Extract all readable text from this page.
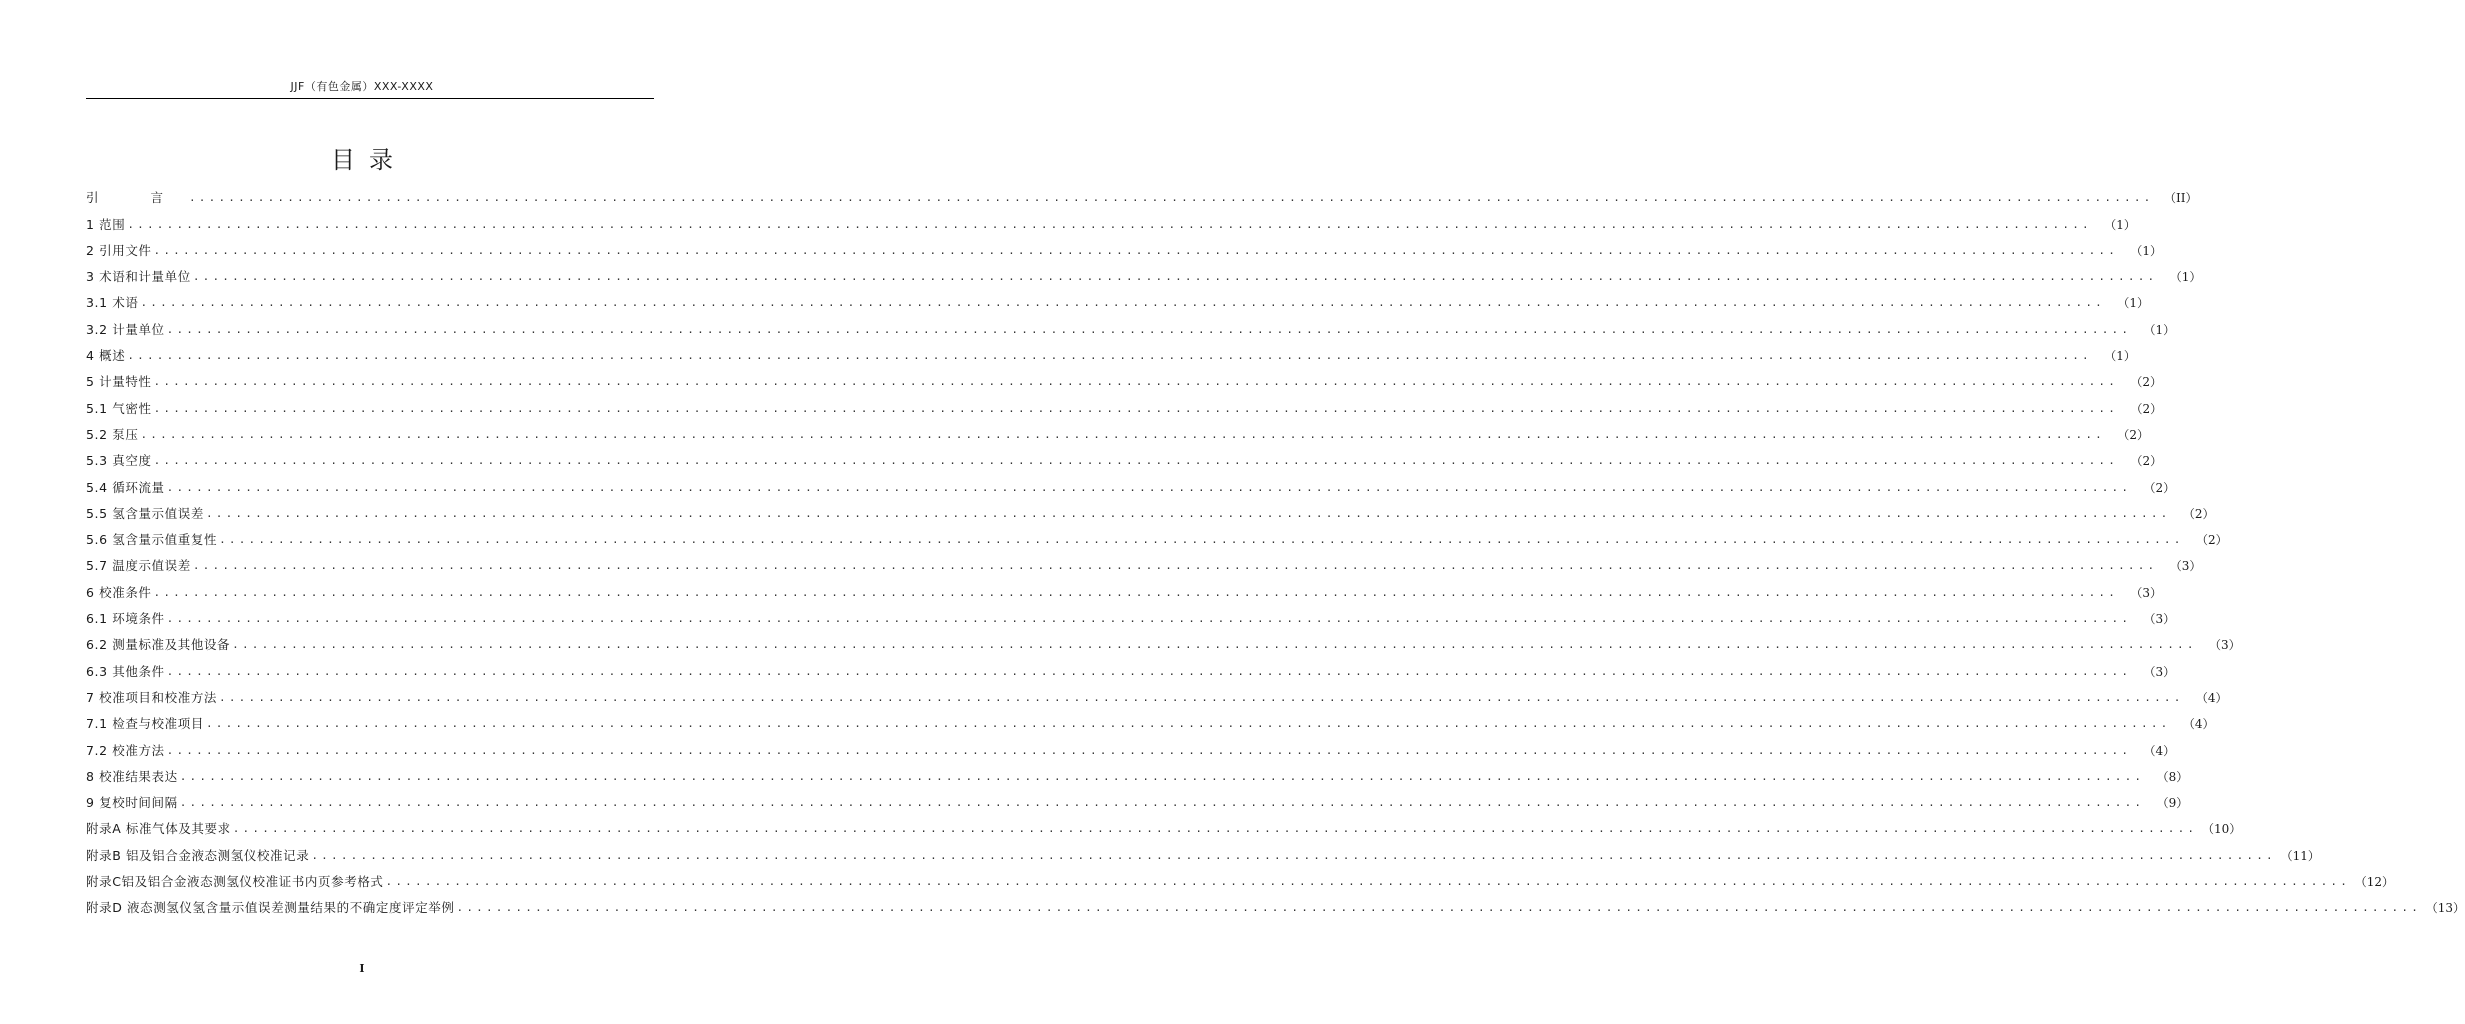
JJF（有色金属）XXX-XXXX
目录
引 言 ........................................................................................................................................................................................................ （II）
1 范围 ........................................................................................................................................................................................................	（1）
2 引用文件 ........................................................................................................................................................................................................	（1）
3 术语和计量单位 ........................................................................................................................................................................................................	（1）
3.1 术语 ........................................................................................................................................................................................................	（1）
3.2 计量单位 ........................................................................................................................................................................................................	（1）
4 概述 ........................................................................................................................................................................................................	（1）
5 计量特性 ........................................................................................................................................................................................................	（2）
5.1 气密性 ........................................................................................................................................................................................................	（2）
5.2 泵压 ........................................................................................................................................................................................................	（2）
5.3 真空度 ........................................................................................................................................................................................................	（2）
5.4 循环流量 ........................................................................................................................................................................................................	（2）
5.5 氢含量示值误差 ........................................................................................................................................................................................................	（2）
5.6 氢含量示值重复性 ........................................................................................................................................................................................................	（2）
5.7 温度示值误差 ........................................................................................................................................................................................................	（3）
6 校准条件 ........................................................................................................................................................................................................	（3）
6.1 环境条件 ........................................................................................................................................................................................................	（3）
6.2 测量标准及其他设备 ........................................................................................................................................................................................................	（3）
6.3 其他条件 ........................................................................................................................................................................................................	（3）
7 校准项目和校准方法 ........................................................................................................................................................................................................	（4）
7.1 检查与校准项目 ........................................................................................................................................................................................................	（4）
7.2 校准方法 ........................................................................................................................................................................................................	（4）
8 校准结果表达 ........................................................................................................................................................................................................	（8）
9 复校时间间隔 ........................................................................................................................................................................................................	（9）
附录A 标准气体及其要求 ........................................................................................................................................................................................................ （10）
附录B 铝及铝合金液态测氢仪校准记录 ........................................................................................................................................................................................................ （11）
附录C铝及铝合金液态测氢仪校准证书内页参考格式 ........................................................................................................................................................................................................ （12）
附录D 液态测氢仪氢含量示值误差测量结果的不确定度评定举例 ........................................................................................................................................................................................................ （13）
I
